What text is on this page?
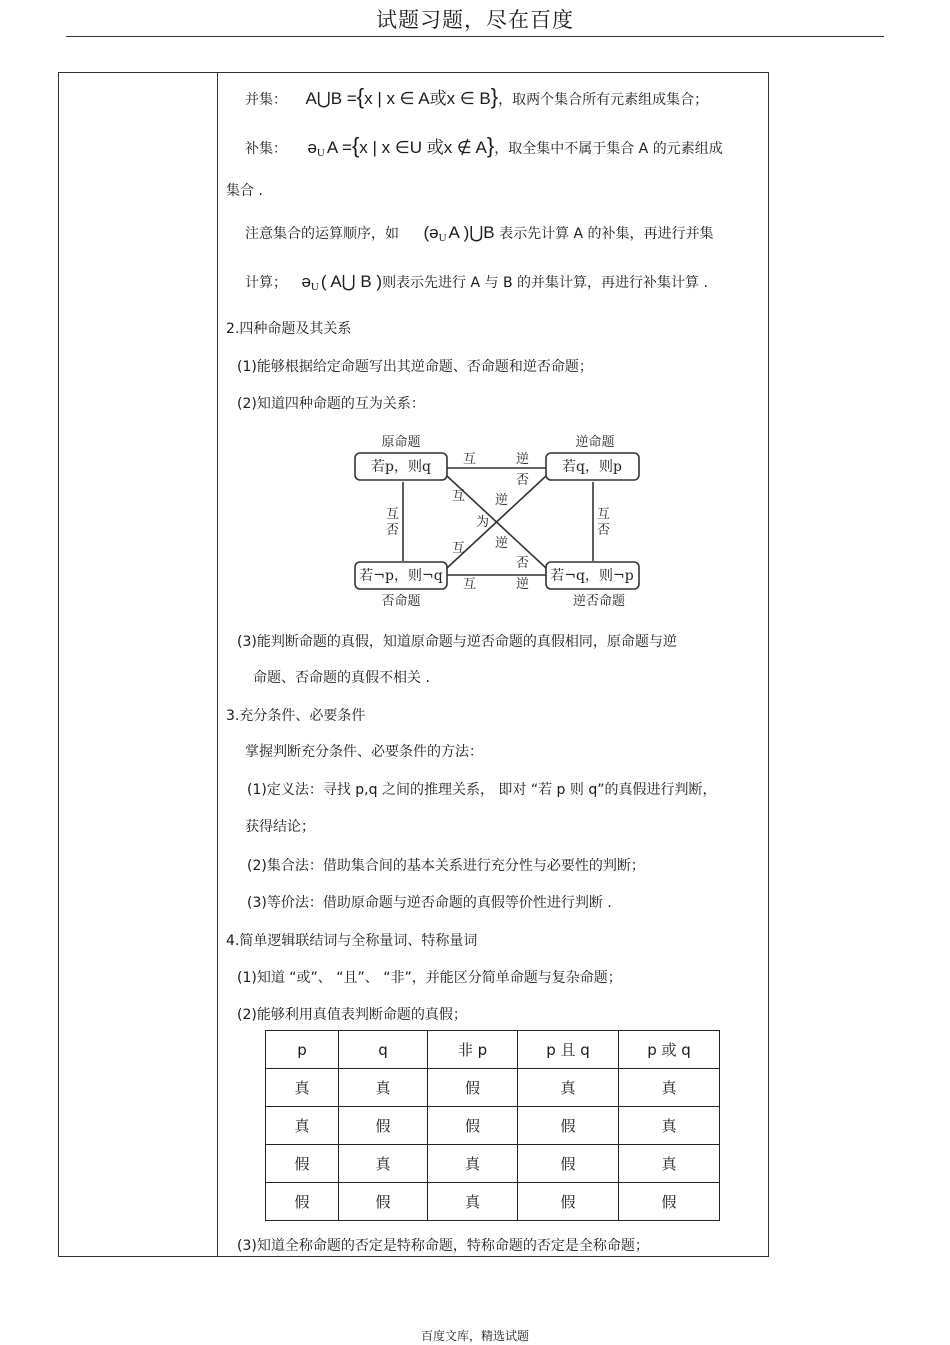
试题习题，尽在百度
并集： A⋃B ={x | x ∈ A或x ∈ B}，取两个集合所有元素组成集合；
补集： ə$_U$ A ={x | x ∈U 或x ∉ A}，取全集中不属于集合 A 的元素组成
集合 .
注意集合的运算顺序，如 (ə$_U$ A )⋃B 表示先计算 A 的补集，再进行并集
计算； ə$_U$ ( A⋃ B )则表示先进行 A 与 B 的并集计算，再进行补集计算 .
2.四种命题及其关系
(1)能够根据给定命题写出其逆命题、否命题和逆否命题；
(2)知道四种命题的互为关系：
原命题	逆命题
否命题	逆否命题
若p，则q	若q，则p
若¬p，则¬q	若¬q，则¬p
互	逆
否
互
否
逆
互
否
互
否
互 逆
为
互 逆
(3)能判断命题的真假，知道原命题与逆否命题的真假相同，原命题与逆
命题、否命题的真假不相关 .
3.充分条件、必要条件
掌握判断充分条件、必要条件的方法：
(1)定义法：寻找 p,q 之间的推理关系， 即对 “若 p 则 q”的真假进行判断，
获得结论；
(2)集合法：借助集合间的基本关系进行充分性与必要性的判断；
(3)等价法：借助原命题与逆否命题的真假等价性进行判断 .
4.简单逻辑联结词与全称量词、特称量词
(1)知道 “或”、 “且”、 “非”，并能区分简单命题与复杂命题；
(2)能够利用真值表判断命题的真假；
p	q	非 p	p 且 q	p 或 q
真	真	假	真	真
真	假	假	假	真
假	真	真	假	真
假	假	真	假	假
(3)知道全称命题的否定是特称命题，特称命题的否定是全称命题；
百度文库，精选试题
